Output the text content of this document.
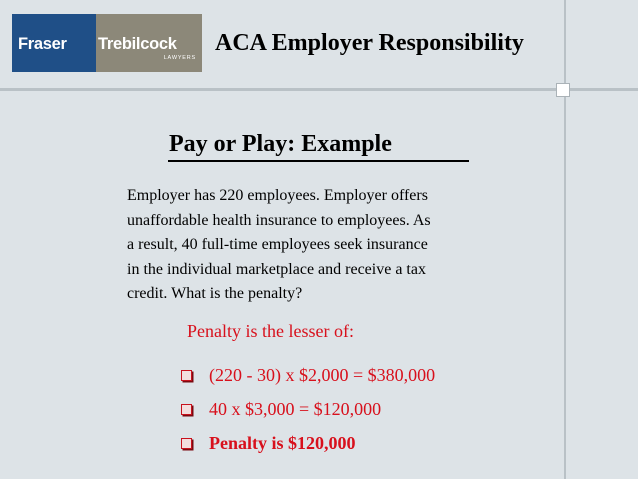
LAWYERS
Fraser Trebilcock ACA Employer Responsibility
Pay or Play: Example
Employer has 220 employees. Employer offers
unaffordable health insurance to employees. As
a result, 40 full-time employees seek insurance
in the individual marketplace and receive a tax
credit. What is the penalty?
Penalty is the lesser of:
(220 - 30) x $2,000 = $380,000
40 x $3,000 = $120,000
Penalty is $120,000
